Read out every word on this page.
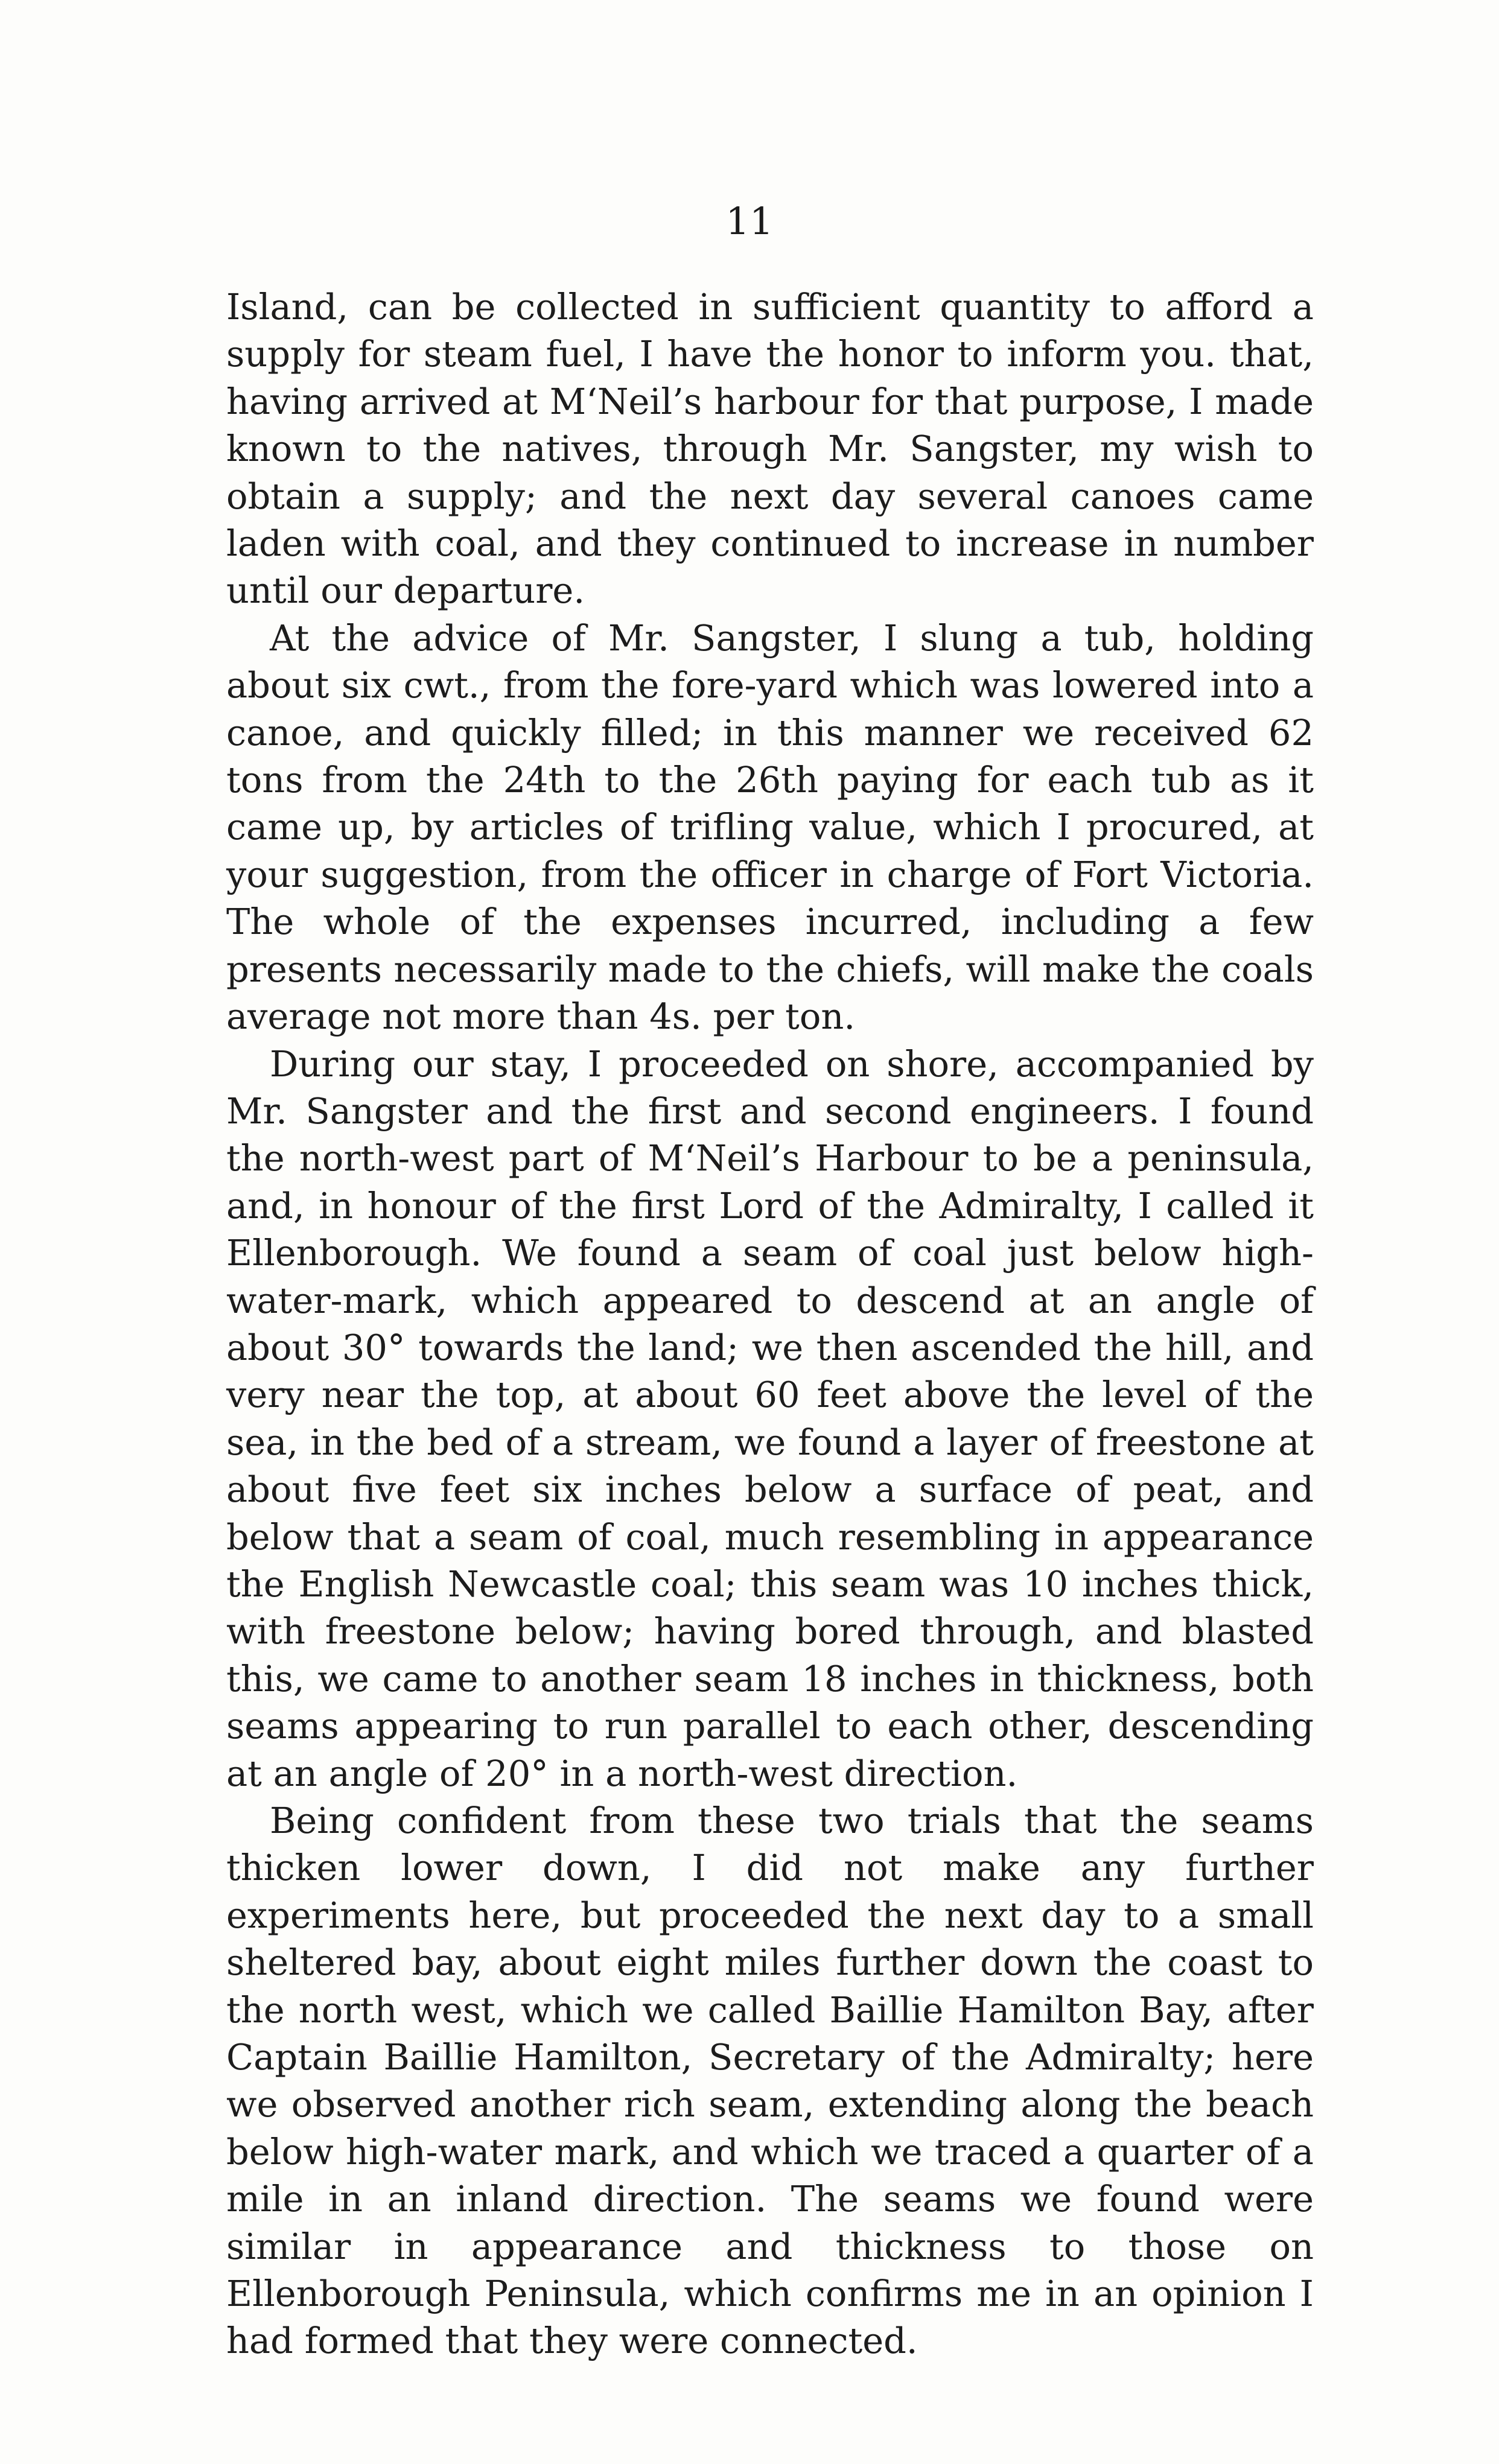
11

Island, can be collected in sufficient quantity to afford a supply for steam fuel, I have the honor to inform you. that, having arrived at M‘Neil’s harbour for that purpose, I made known to the natives, through Mr. Sangster, my wish to obtain a supply; and the next day several canoes came laden with coal, and they continued to increase in number until our departure.

At the advice of Mr. Sangster, I slung a tub, holding about six cwt., from the fore-yard which was lowered into a canoe, and quickly filled; in this manner we received 62 tons from the 24th to the 26th paying for each tub as it came up, by articles of trifling value, which I procured, at your suggestion, from the officer in charge of Fort Victoria. The whole of the expenses incurred, including a few presents necessarily made to the chiefs, will make the coals average not more than 4s. per ton.

During our stay, I proceeded on shore, accompanied by Mr. Sangster and the first and second engineers. I found the north-west part of M‘Neil’s Harbour to be a peninsula, and, in honour of the first Lord of the Admiralty, I called it Ellenborough. We found a seam of coal just below high-water-mark, which appeared to descend at an angle of about 30° towards the land; we then ascended the hill, and very near the top, at about 60 feet above the level of the sea, in the bed of a stream, we found a layer of freestone at about five feet six inches below a surface of peat, and below that a seam of coal, much resembling in appearance the English Newcastle coal; this seam was 10 inches thick, with freestone below; having bored through, and blasted this, we came to another seam 18 inches in thickness, both seams appearing to run parallel to each other, descending at an angle of 20° in a north-west direction.

Being confident from these two trials that the seams thicken lower down, I did not make any further experiments here, but proceeded the next day to a small sheltered bay, about eight miles further down the coast to the north west, which we called Baillie Hamilton Bay, after Captain Baillie Hamilton, Secretary of the Admiralty; here we observed another rich seam, extending along the beach below high-water mark, and which we traced a quarter of a mile in an inland direction. The seams we found were similar in appearance and thickness to those on Ellenborough Peninsula, which confirms me in an opinion I had formed that they were connected.
